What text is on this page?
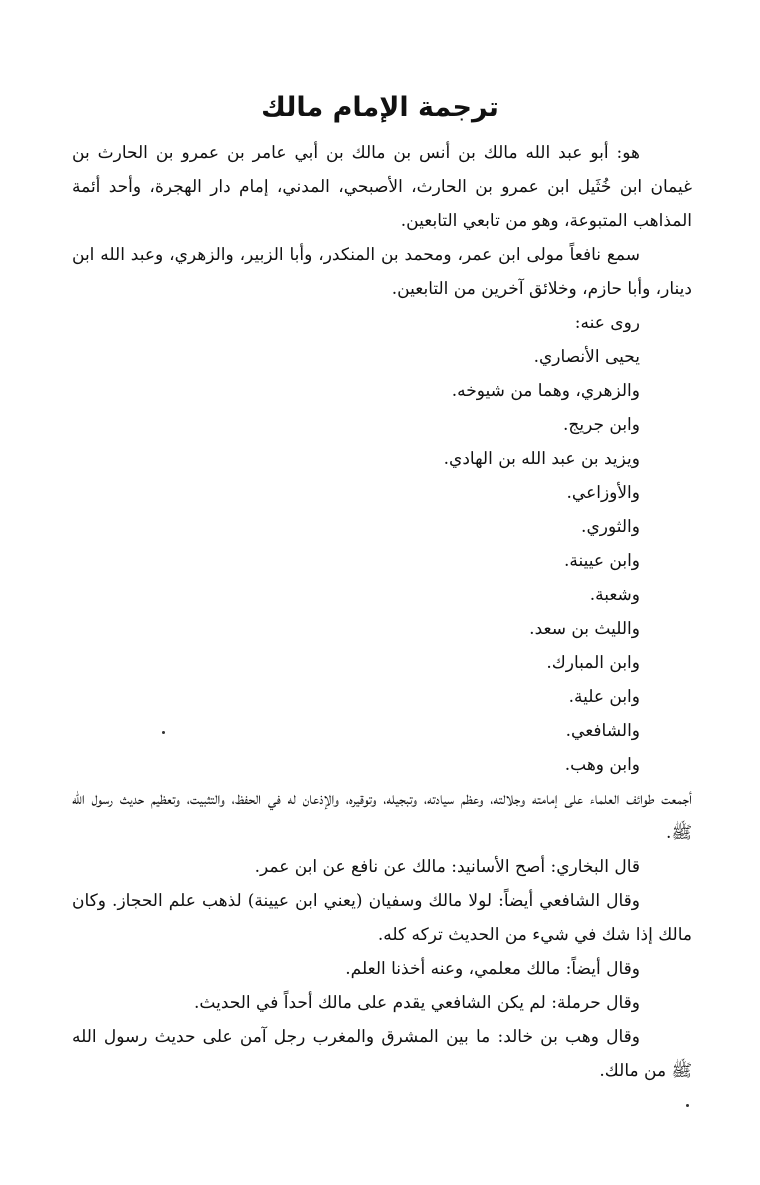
ترجمة الإمام مالك

هو: أبو عبد الله مالك بن أنس بن مالك بن أبي عامر بن عمرو بن الحارث بن غيمان ابن خُثَيل ابن عمرو بن الحارث، الأصبحي، المدني، إمام دار الهجرة، وأحد أئمة المذاهب المتبوعة، وهو من تابعي التابعين.

سمع نافعاً مولى ابن عمر، ومحمد بن المنكدر، وأبا الزبير، والزهري، وعبد الله ابن دينار، وأبا حازم، وخلائق آخرين من التابعين.

روى عنه:

يحيى الأنصاري.
والزهري، وهما من شيوخه.
وابن جريج.
ويزيد بن عبد الله بن الهادي.
والأوزاعي.
والثوري.
وابن عيينة.
وشعبة.
والليث بن سعد.
وابن المبارك.
وابن علية.
والشافعي.
وابن وهب.

أجمعت طوائف العلماء على إمامته وجلالته، وعظم سيادته، وتبجيله، وتوقيره، والإذعان له في الحفظ، والتثبيت، وتعظيم حديث رسول الله ﷺ.

قال البخاري: أصح الأسانيد: مالك عن نافع عن ابن عمر.

وقال الشافعي أيضاً: لولا مالك وسفيان (يعني ابن عيينة) لذهب علم الحجاز. وكان مالك إذا شك في شيء من الحديث تركه كله.

وقال أيضاً: مالك معلمي، وعنه أخذنا العلم.

وقال حرملة: لم يكن الشافعي يقدم على مالك أحداً في الحديث.

وقال وهب بن خالد: ما بين المشرق والمغرب رجل آمن على حديث رسول الله ﷺ من مالك.
